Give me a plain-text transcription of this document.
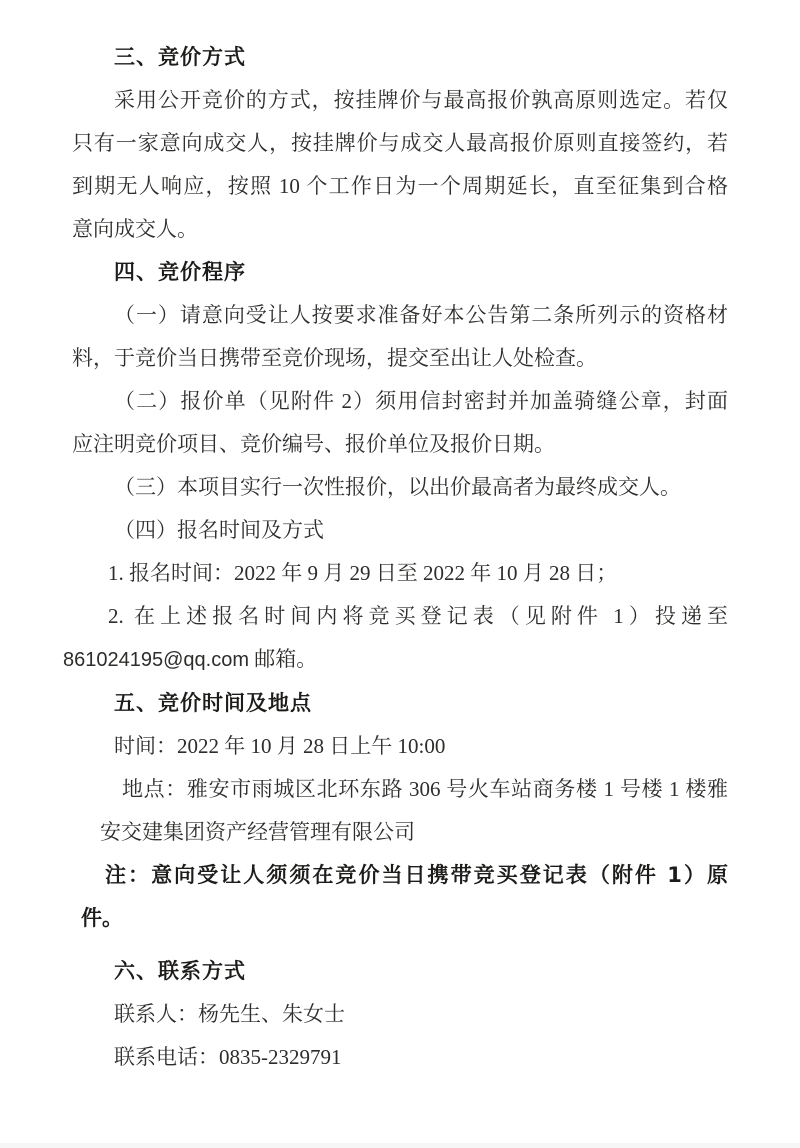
三、竞价方式

采用公开竞价的方式，按挂牌价与最高报价孰高原则选定。若仅

只有一家意向成交人，按挂牌价与成交人最高报价原则直接签约，若

到期无人响应，按照 10 个工作日为一个周期延长，直至征集到合格

意向成交人。

四、竞价程序

（一）请意向受让人按要求准备好本公告第二条所列示的资格材

料，于竞价当日携带至竞价现场，提交至出让人处检查。

（二）报价单（见附件 2）须用信封密封并加盖骑缝公章，封面

应注明竞价项目、竞价编号、报价单位及报价日期。

（三）本项目实行一次性报价，以出价最高者为最终成交人。

（四）报名时间及方式

1. 报名时间：2022 年 9 月 29 日至 2022 年 10 月 28 日；

2. 在上述报名时间内将竞买登记表（见附件 1）投递至

861024195@qq.com 邮箱。

五、竞价时间及地点

时间：2022 年 10 月 28 日上午 10:00

地点：雅安市雨城区北环东路 306 号火车站商务楼 1 号楼 1 楼雅

安交建集团资产经营管理有限公司

注：意向受让人须须在竞价当日携带竞买登记表（附件 1）原

件。

六、联系方式

联系人：杨先生、朱女士

联系电话：0835-2329791
